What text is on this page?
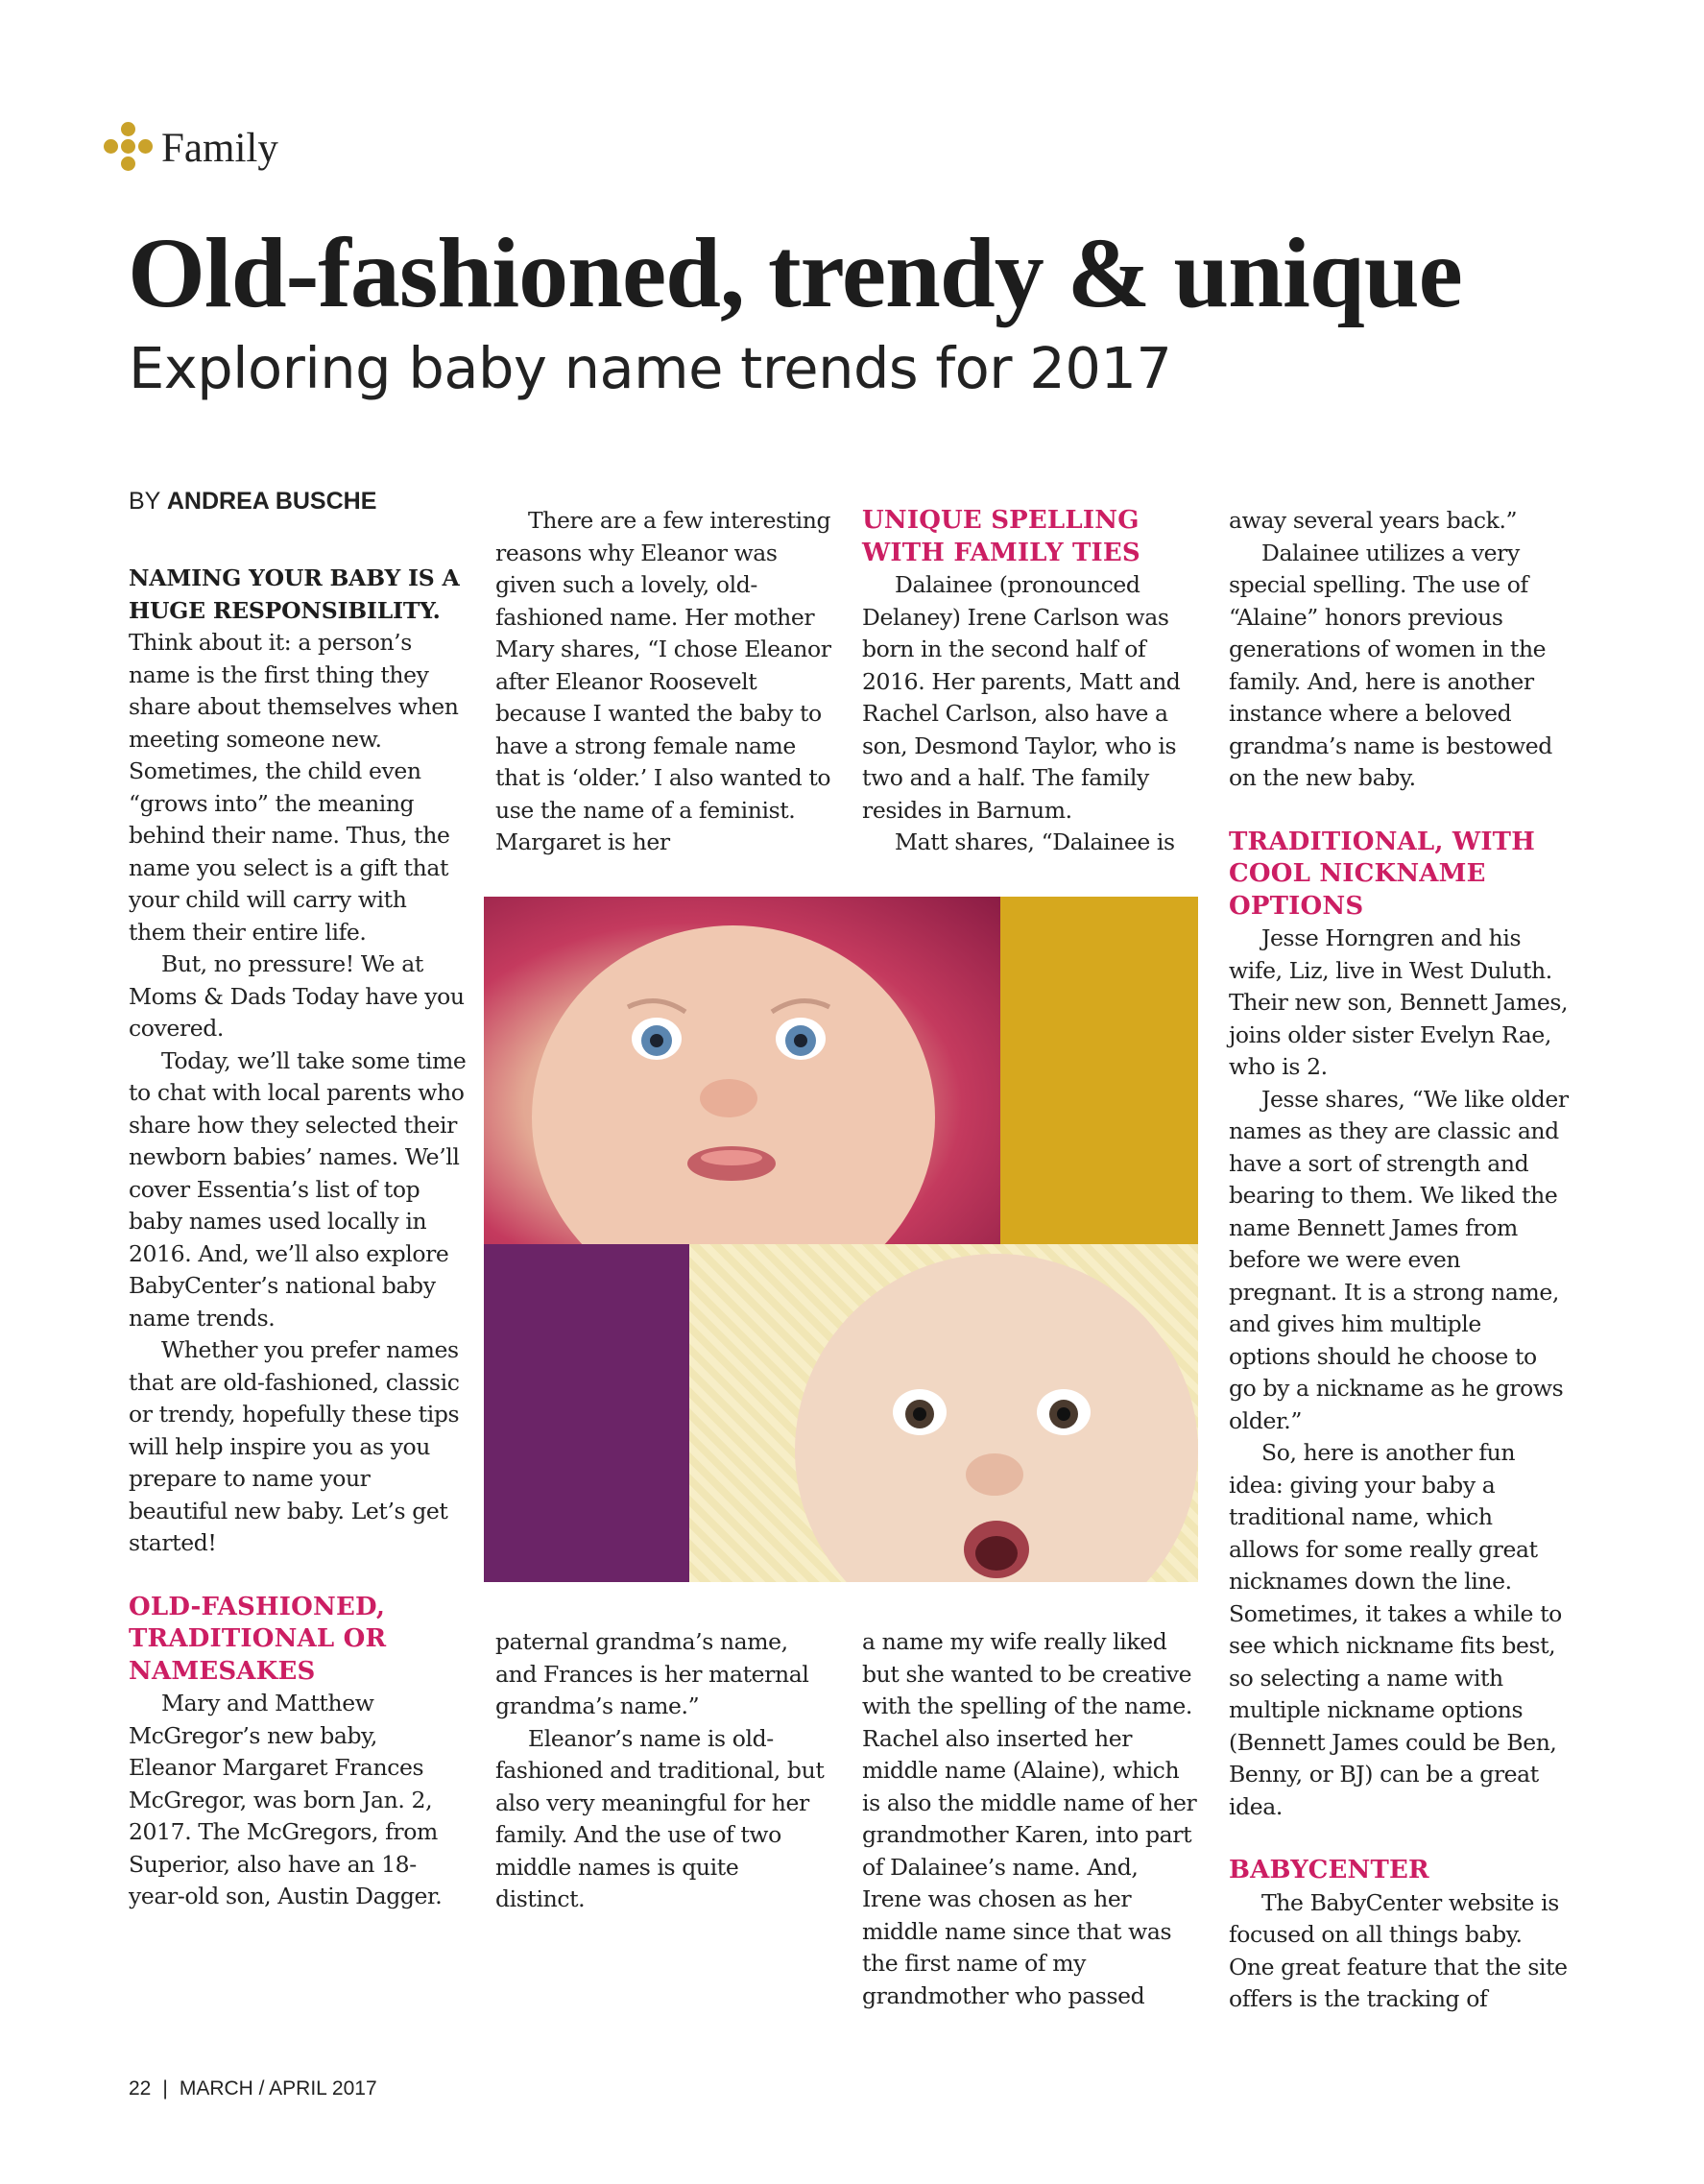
Family
Old-fashioned, trendy & unique
Exploring baby name trends for 2017
BY ANDREA BUSCHE

NAMING YOUR BABY IS A HUGE RESPONSIBILITY. Think about it: a person’s name is the first thing they share about themselves when meeting someone new. Sometimes, the child even “grows into” the meaning behind their name. Thus, the name you select is a gift that your child will carry with them their entire life.

But, no pressure! We at Moms & Dads Today have you covered.

Today, we’ll take some time to chat with local parents who share how they selected their newborn babies’ names. We’ll cover Essentia’s list of top baby names used locally in 2016. And, we’ll also explore BabyCenter’s national baby name trends.

Whether you prefer names that are old-fashioned, classic or trendy, hopefully these tips will help inspire you as you prepare to name your beautiful new baby. Let’s get started!

OLD-FASHIONED, TRADITIONAL OR NAMESAKES

Mary and Matthew McGregor’s new baby, Eleanor Margaret Frances McGregor, was born Jan. 2, 2017. The McGregors, from Superior, also have an 18-year-old son, Austin Dagger.

There are a few interesting reasons why Eleanor was given such a lovely, old-fashioned name. Her mother Mary shares, “I chose Eleanor after Eleanor Roosevelt because I wanted the baby to have a strong female name that is ‘older.’ I also wanted to use the name of a feminist. Margaret is her

UNIQUE SPELLING WITH FAMILY TIES

Dalainee (pronounced Delaney) Irene Carlson was born in the second half of 2016. Her parents, Matt and Rachel Carlson, also have a son, Desmond Taylor, who is two and a half. The family resides in Barnum.

Matt shares, “Dalainee is

paternal grandma’s name, and Frances is her maternal grandma’s name.”

Eleanor’s name is old-fashioned and traditional, but also very meaningful for her family. And the use of two middle names is quite distinct.

a name my wife really liked but she wanted to be creative with the spelling of the name. Rachel also inserted her middle name (Alaine), which is also the middle name of her grandmother Karen, into part of Dalainee’s name. And, Irene was chosen as her middle name since that was the first name of my grandmother who passed

away several years back.”

Dalainee utilizes a very special spelling. The use of “Alaine” honors previous generations of women in the family. And, here is another instance where a beloved grandma’s name is bestowed on the new baby.

TRADITIONAL, WITH COOL NICKNAME OPTIONS

Jesse Horngren and his wife, Liz, live in West Duluth. Their new son, Bennett James, joins older sister Evelyn Rae, who is 2.

Jesse shares, “We like older names as they are classic and have a sort of strength and bearing to them. We liked the name Bennett James from before we were even pregnant. It is a strong name, and gives him multiple options should he choose to go by a nickname as he grows older.”

So, here is another fun idea: giving your baby a traditional name, which allows for some really great nicknames down the line. Sometimes, it takes a while to see which nickname fits best, so selecting a name with multiple nickname options (Bennett James could be Ben, Benny, or BJ) can be a great idea.

BABYCENTER

The BabyCenter website is focused on all things baby. One great feature that the site offers is the tracking of

22 | MARCH / APRIL 2017
